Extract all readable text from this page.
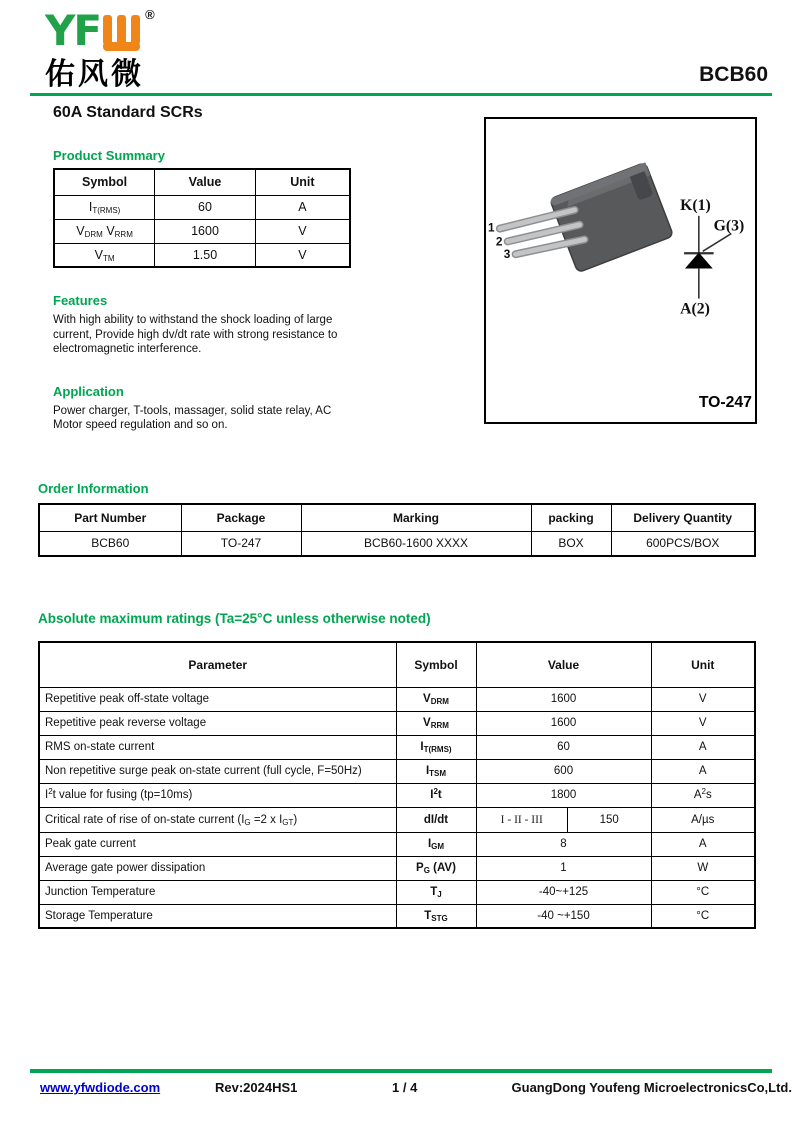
YF	®
佑风微	BCB60
60A Standard SCRs
Product Summary
Symbol	Value	Unit
$I_{T(RMS)}$	60	A
$V_{DRM}$ $V_{RRM}$	1600	V
$V_{TM}$	1.50	V
Features

With high ability to withstand the shock loading of large current, Provide high dv/dt rate with strong resistance to electromagnetic interference.

Application

Power charger, T-tools, massager, solid state relay, AC Motor speed regulation and so on.

1
2
3
K(1)
G(3)
A(2)
TO-247
Order Information
Part Number	Package	Marking	packing	Delivery Quantity
BCB60	TO-247	BCB60-1600 XXXX	BOX	600PCS/BOX
Absolute maximum ratings (Ta=25°C unless otherwise noted)
Parameter	Symbol	Value	Unit
Repetitive peak off-state voltage	$V_{DRM}$	1600	V
Repetitive peak reverse voltage	$V_{RRM}$	1600	V
RMS on-state current	$I_{T(RMS)}$	60	A
Non repetitive surge peak on-state current (full cycle, F=50Hz)	$I_{TSM}$	600	A
$I^2t$ value for fusing (tp=10ms)	$I^2t$	1800	$A^2s$
Critical rate of rise of on-state current ($I_G =2$ x $I_{GT}$)	dI/dt	I - II - III 150	A/µs
Peak gate current	$I_{GM}$	8	A
Average gate power dissipation	$P_G$ (AV)	1	W
Junction Temperature	$T_J$	-40~+125	°C
Storage Temperature	$T_{STG}$	-40 ~+150	°C
www.yfwdiode.com	Rev:2024HS1	1 / 4	GuangDong Youfeng MicroelectronicsCo,Ltd.
